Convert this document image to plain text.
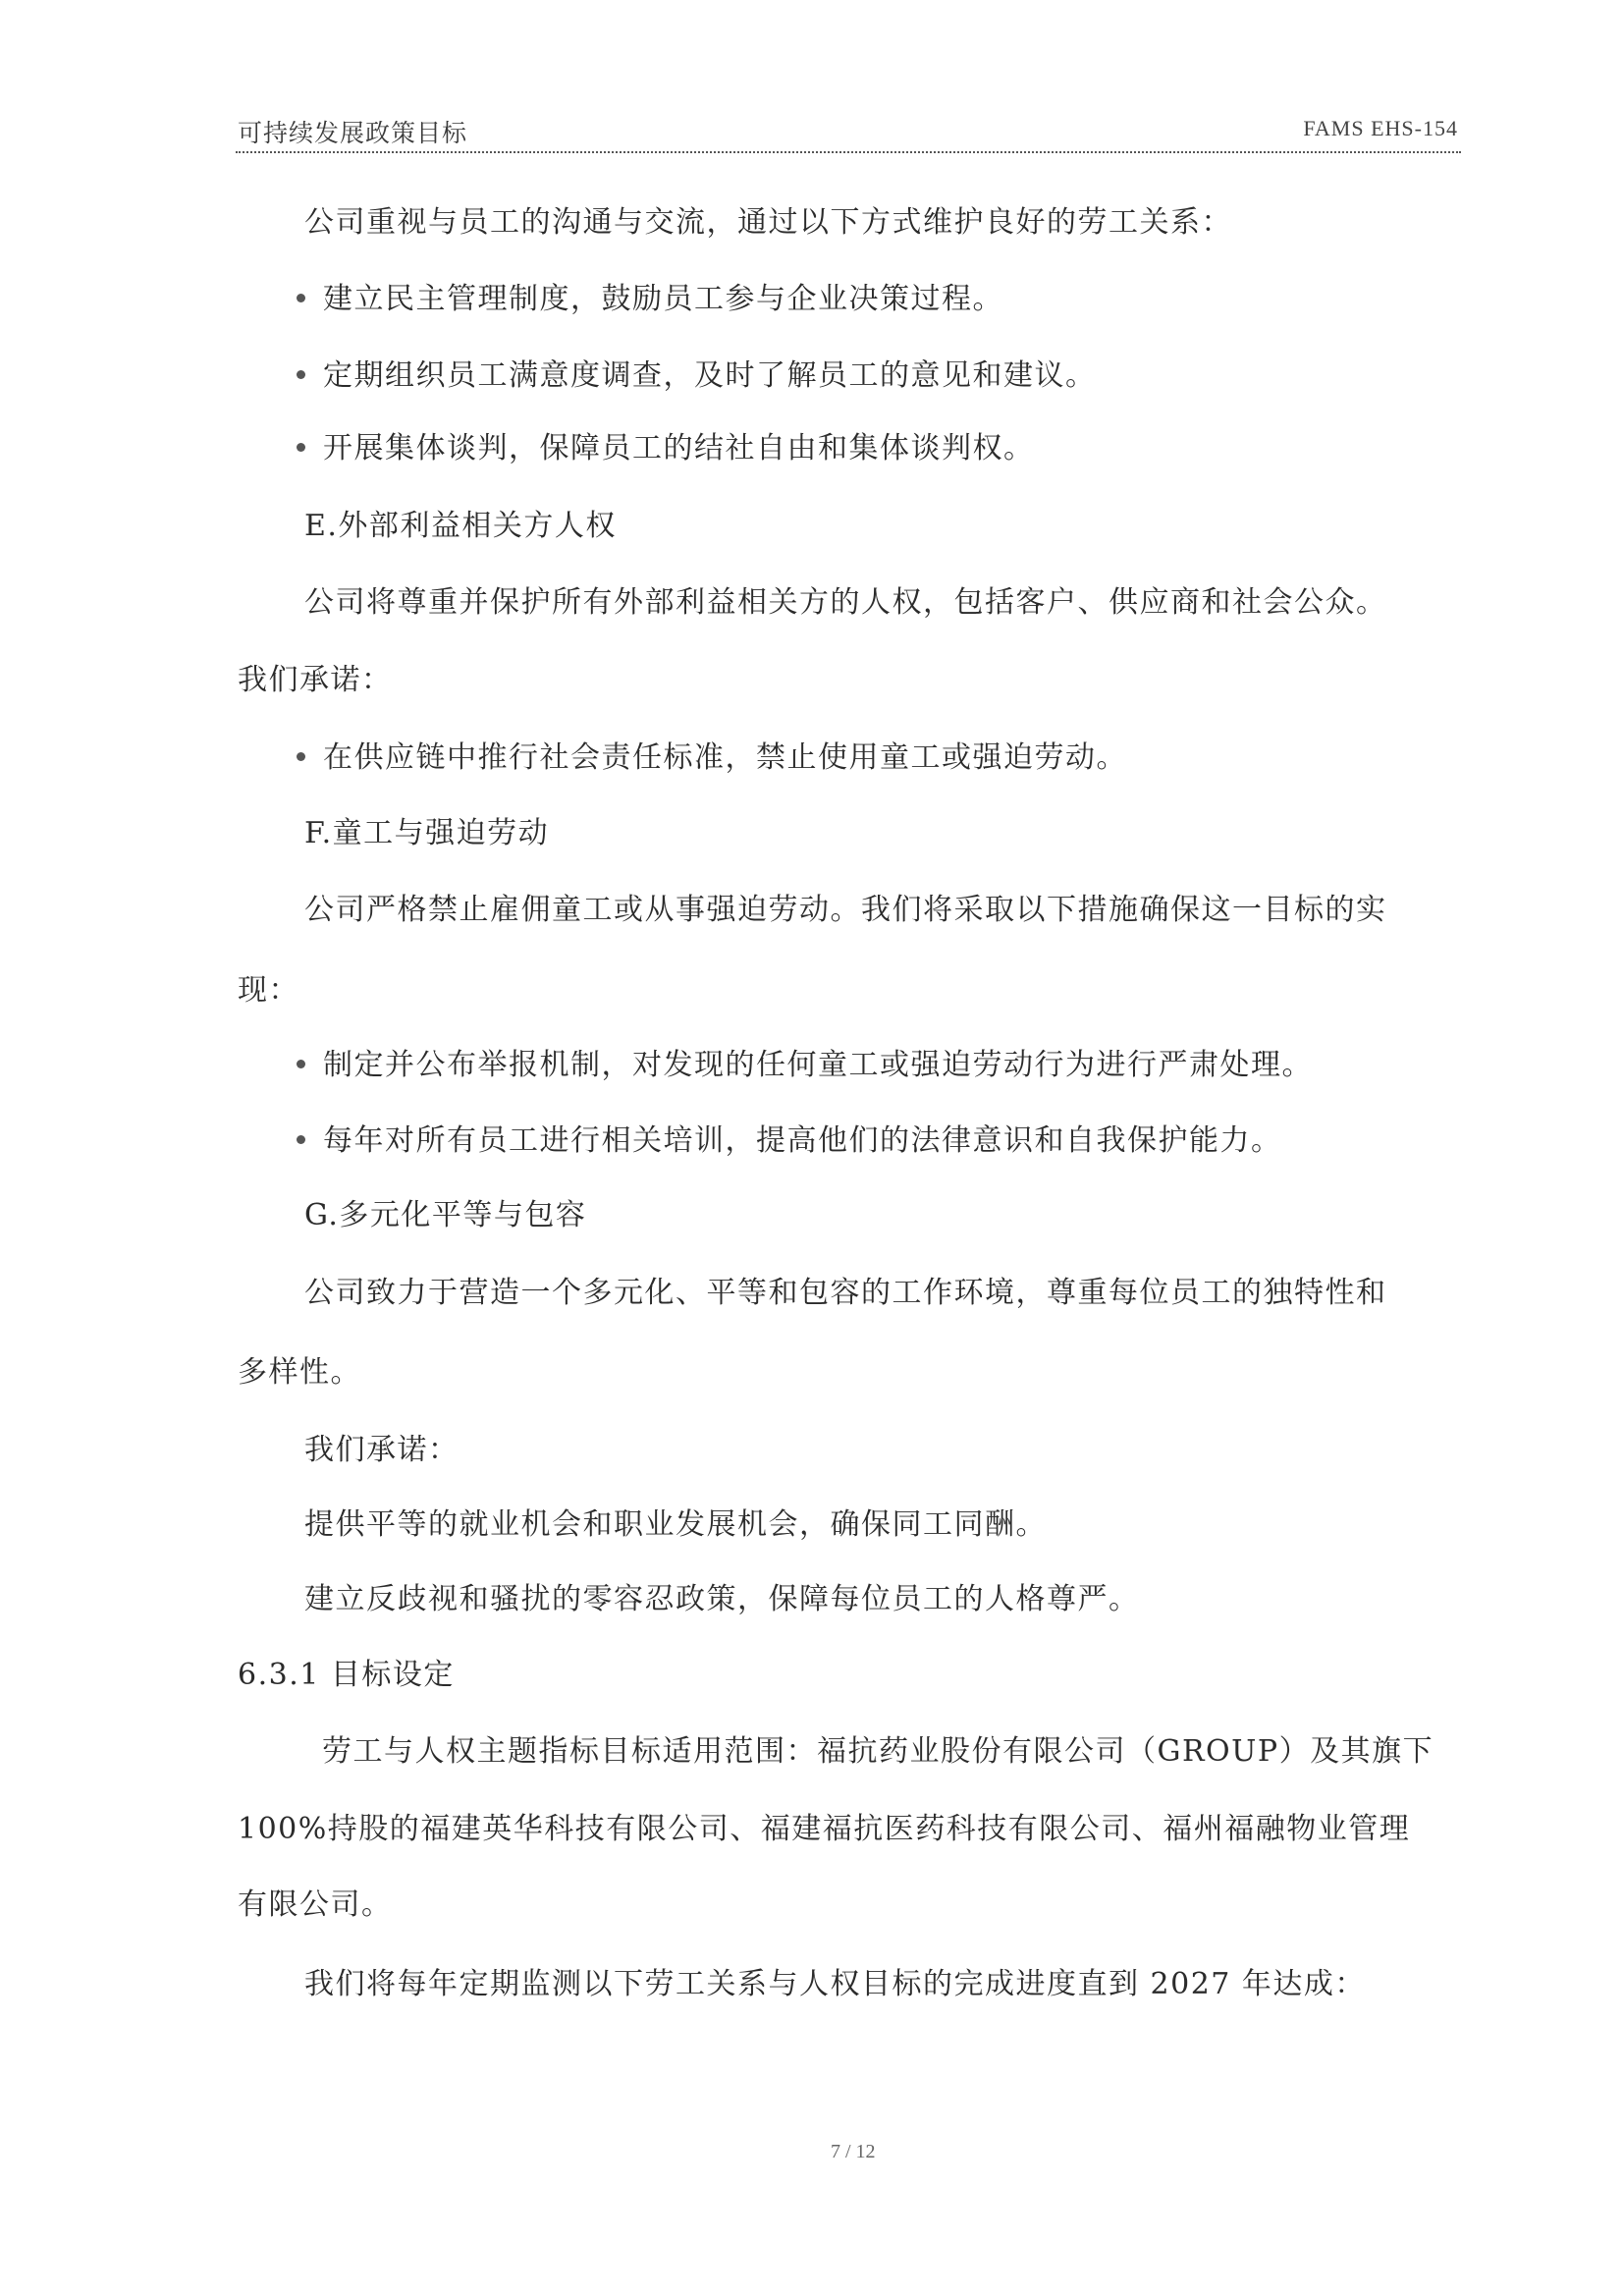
可持续发展政策目标	FAMS EHS-154
公司重视与员工的沟通与交流，通过以下方式维护良好的劳工关系：
建立民主管理制度，鼓励员工参与企业决策过程。
定期组织员工满意度调查，及时了解员工的意见和建议。
开展集体谈判，保障员工的结社自由和集体谈判权。
E.外部利益相关方人权
公司将尊重并保护所有外部利益相关方的人权，包括客户、供应商和社会公众。
我们承诺：
在供应链中推行社会责任标准，禁止使用童工或强迫劳动。
F.童工与强迫劳动
公司严格禁止雇佣童工或从事强迫劳动。我们将采取以下措施确保这一目标的实
现：
制定并公布举报机制，对发现的任何童工或强迫劳动行为进行严肃处理。
每年对所有员工进行相关培训，提高他们的法律意识和自我保护能力。
G.多元化平等与包容
公司致力于营造一个多元化、平等和包容的工作环境，尊重每位员工的独特性和
多样性。
我们承诺：
提供平等的就业机会和职业发展机会，确保同工同酬。
建立反歧视和骚扰的零容忍政策，保障每位员工的人格尊严。
6.3.1 目标设定
劳工与人权主题指标目标适用范围：福抗药业股份有限公司（GROUP）及其旗下
100%持股的福建英华科技有限公司、福建福抗医药科技有限公司、福州福融物业管理
有限公司。
我们将每年定期监测以下劳工关系与人权目标的完成进度直到 2027 年达成：
7 / 12
